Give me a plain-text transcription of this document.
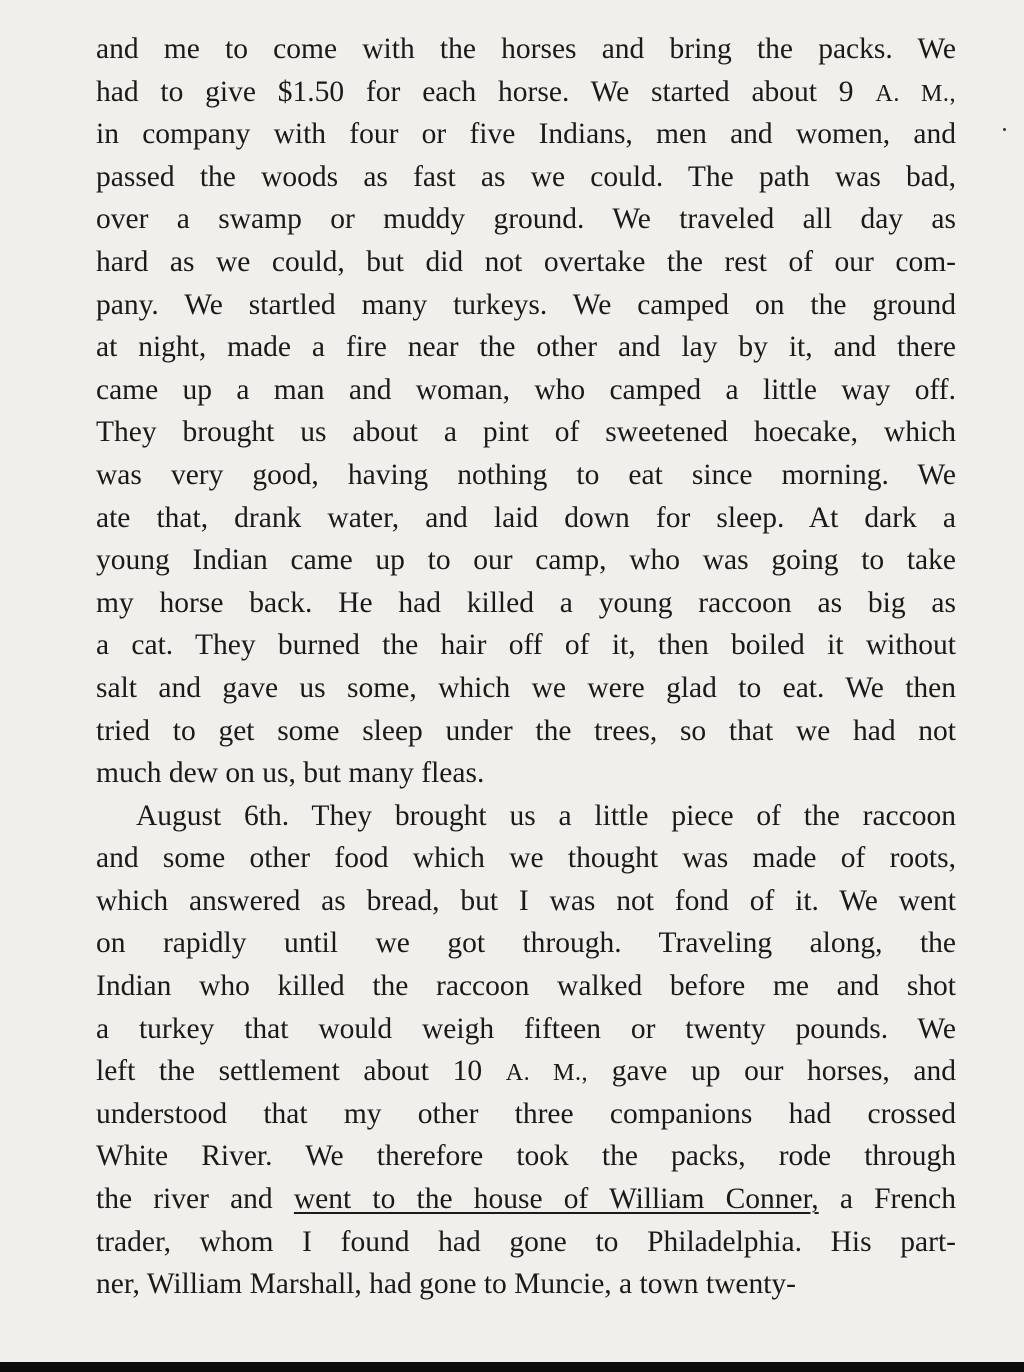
and me to come with the horses and bring the packs. We
had to give $1.50 for each horse. We started about 9 A. M.,
in company with four or five Indians, men and women, and
passed the woods as fast as we could. The path was bad,
over a swamp or muddy ground. We traveled all day as
hard as we could, but did not overtake the rest of our com-
pany. We startled many turkeys. We camped on the ground
at night, made a fire near the other and lay by it, and there
came up a man and woman, who camped a little way off.
They brought us about a pint of sweetened hoecake, which
was very good, having nothing to eat since morning. We
ate that, drank water, and laid down for sleep. At dark a
young Indian came up to our camp, who was going to take
my horse back. He had killed a young raccoon as big as
a cat. They burned the hair off of it, then boiled it without
salt and gave us some, which we were glad to eat. We then
tried to get some sleep under the trees, so that we had not
much dew on us, but many fleas.
August 6th. They brought us a little piece of the raccoon
and some other food which we thought was made of roots,
which answered as bread, but I was not fond of it. We went
on rapidly until we got through. Traveling along, the
Indian who killed the raccoon walked before me and shot
a turkey that would weigh fifteen or twenty pounds. We
left the settlement about 10 A. M., gave up our horses, and
understood that my other three companions had crossed
White River. We therefore took the packs, rode through
the river and went to the house of William Conner, a French
trader, whom I found had gone to Philadelphia. His part-
ner, William Marshall, had gone to Muncie, a town twenty-
